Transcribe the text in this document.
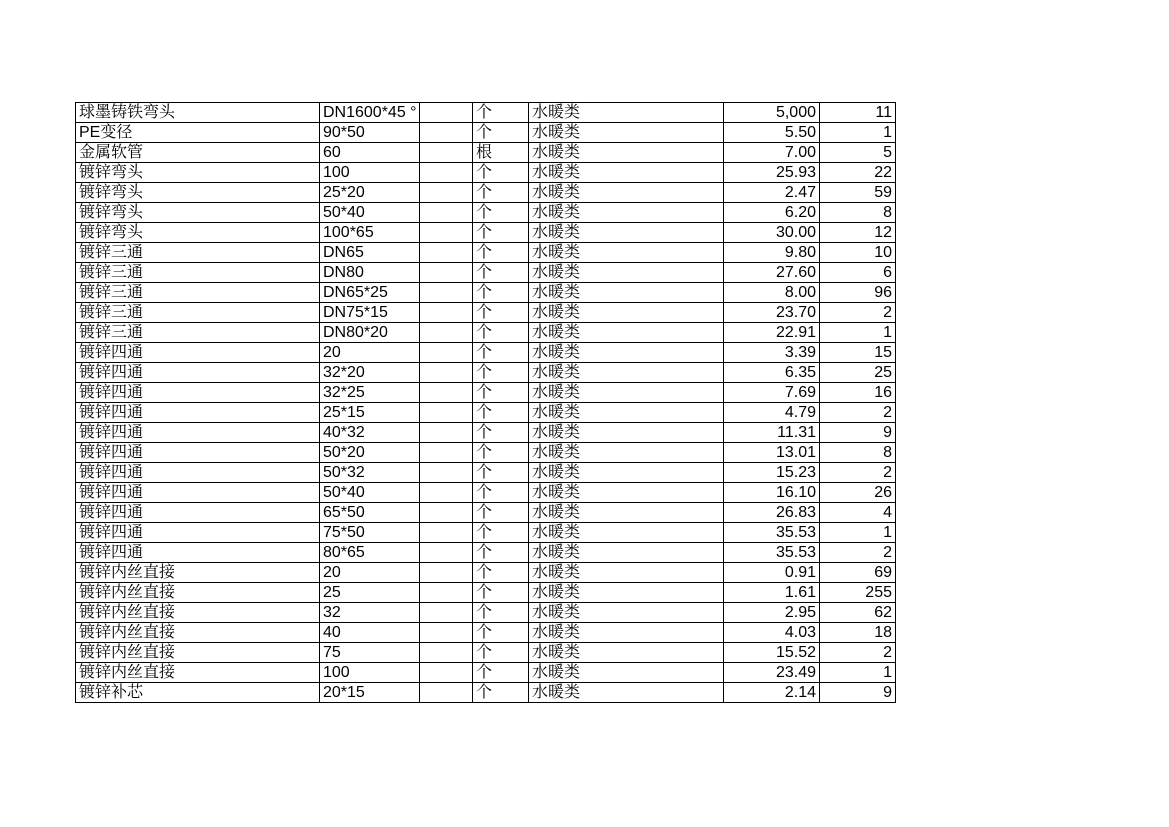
球墨铸铁弯头	DN1600*45 °		个	水暖类	5,000	11
PE变径	90*50		个	水暖类	5.50	1
金属软管	60		根	水暖类	7.00	5
镀锌弯头	100		个	水暖类	25.93	22
镀锌弯头	25*20		个	水暖类	2.47	59
镀锌弯头	50*40		个	水暖类	6.20	8
镀锌弯头	100*65		个	水暖类	30.00	12
镀锌三通	DN65		个	水暖类	9.80	10
镀锌三通	DN80		个	水暖类	27.60	6
镀锌三通	DN65*25		个	水暖类	8.00	96
镀锌三通	DN75*15		个	水暖类	23.70	2
镀锌三通	DN80*20		个	水暖类	22.91	1
镀锌四通	20		个	水暖类	3.39	15
镀锌四通	32*20		个	水暖类	6.35	25
镀锌四通	32*25		个	水暖类	7.69	16
镀锌四通	25*15		个	水暖类	4.79	2
镀锌四通	40*32		个	水暖类	11.31	9
镀锌四通	50*20		个	水暖类	13.01	8
镀锌四通	50*32		个	水暖类	15.23	2
镀锌四通	50*40		个	水暖类	16.10	26
镀锌四通	65*50		个	水暖类	26.83	4
镀锌四通	75*50		个	水暖类	35.53	1
镀锌四通	80*65		个	水暖类	35.53	2
镀锌内丝直接	20		个	水暖类	0.91	69
镀锌内丝直接	25		个	水暖类	1.61	255
镀锌内丝直接	32		个	水暖类	2.95	62
镀锌内丝直接	40		个	水暖类	4.03	18
镀锌内丝直接	75		个	水暖类	15.52	2
镀锌内丝直接	100		个	水暖类	23.49	1
镀锌补芯	20*15		个	水暖类	2.14	9
